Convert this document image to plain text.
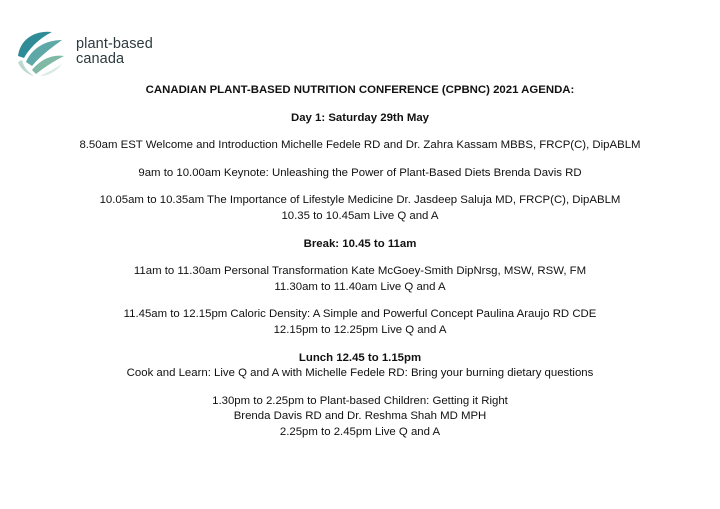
plant-based
canada
CANADIAN PLANT-BASED NUTRITION CONFERENCE (CPBNC) 2021 AGENDA:
Day 1: Saturday 29th May
8.50am EST Welcome and Introduction Michelle Fedele RD and Dr. Zahra Kassam MBBS, FRCP(C), DipABLM
9am to 10.00am Keynote: Unleashing the Power of Plant-Based Diets Brenda Davis RD
10.05am to 10.35am The Importance of Lifestyle Medicine Dr. Jasdeep Saluja MD, FRCP(C), DipABLM
10.35 to 10.45am Live Q and A
Break: 10.45 to 11am
11am to 11.30am Personal Transformation Kate McGoey-Smith DipNrsg, MSW, RSW, FM
11.30am to 11.40am Live Q and A
11.45am to 12.15pm Caloric Density: A Simple and Powerful Concept Paulina Araujo RD CDE
12.15pm to 12.25pm Live Q and A
Lunch 12.45 to 1.15pm
Cook and Learn: Live Q and A with Michelle Fedele RD: Bring your burning dietary questions
1.30pm to 2.25pm to Plant-based Children: Getting it Right
Brenda Davis RD and Dr. Reshma Shah MD MPH
2.25pm to 2.45pm Live Q and A
